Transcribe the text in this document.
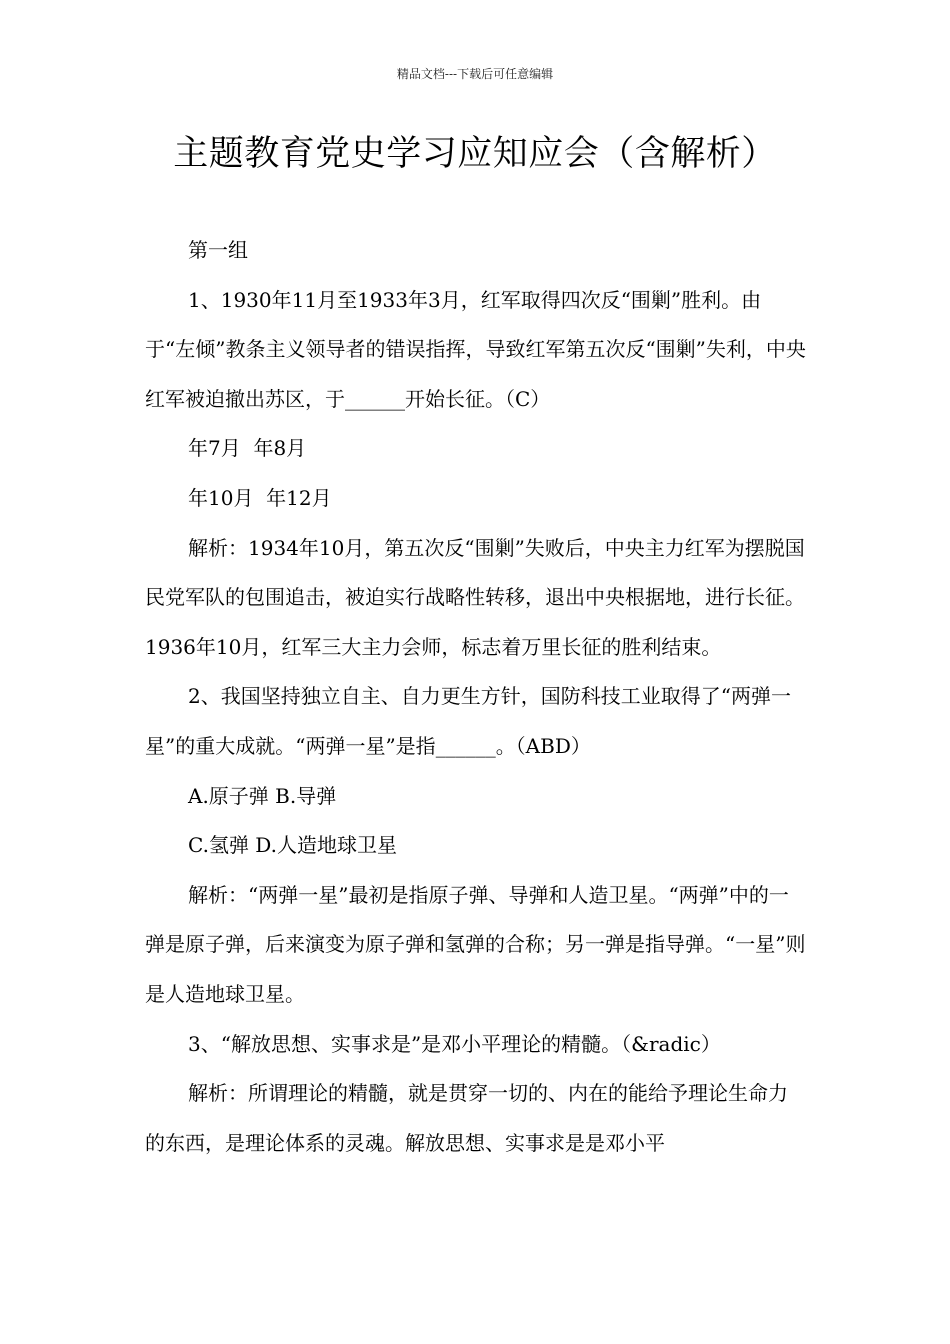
精品文档---下载后可任意编辑
主题教育党史学习应知应会（含解析）

第一组

1、1930年11月至1933年3月，红军取得四次反“围剿”胜利。由于“左倾”教条主义领导者的错误指挥，导致红军第五次反“围剿”失利，中央红军被迫撤出苏区，于______开始长征。（C）

年7月  年8月

年10月  年12月

解析：1934年10月，第五次反“围剿”失败后，中央主力红军为摆脱国民党军队的包围追击，被迫实行战略性转移，退出中央根据地，进行长征。1936年10月，红军三大主力会师，标志着万里长征的胜利结束。

2、我国坚持独立自主、自力更生方针，国防科技工业取得了“两弹一星”的重大成就。“两弹一星”是指______。（ABD）

A.原子弹 B.导弹

C.氢弹 D.人造地球卫星

解析：“两弹一星”最初是指原子弹、导弹和人造卫星。“两弹”中的一弹是原子弹，后来演变为原子弹和氢弹的合称；另一弹是指导弹。“一星”则是人造地球卫星。

3、“解放思想、实事求是”是邓小平理论的精髓。（&radic）

解析：所谓理论的精髓，就是贯穿一切的、内在的能给予理论生命力的东西，是理论体系的灵魂。解放思想、实事求是是邓小平
